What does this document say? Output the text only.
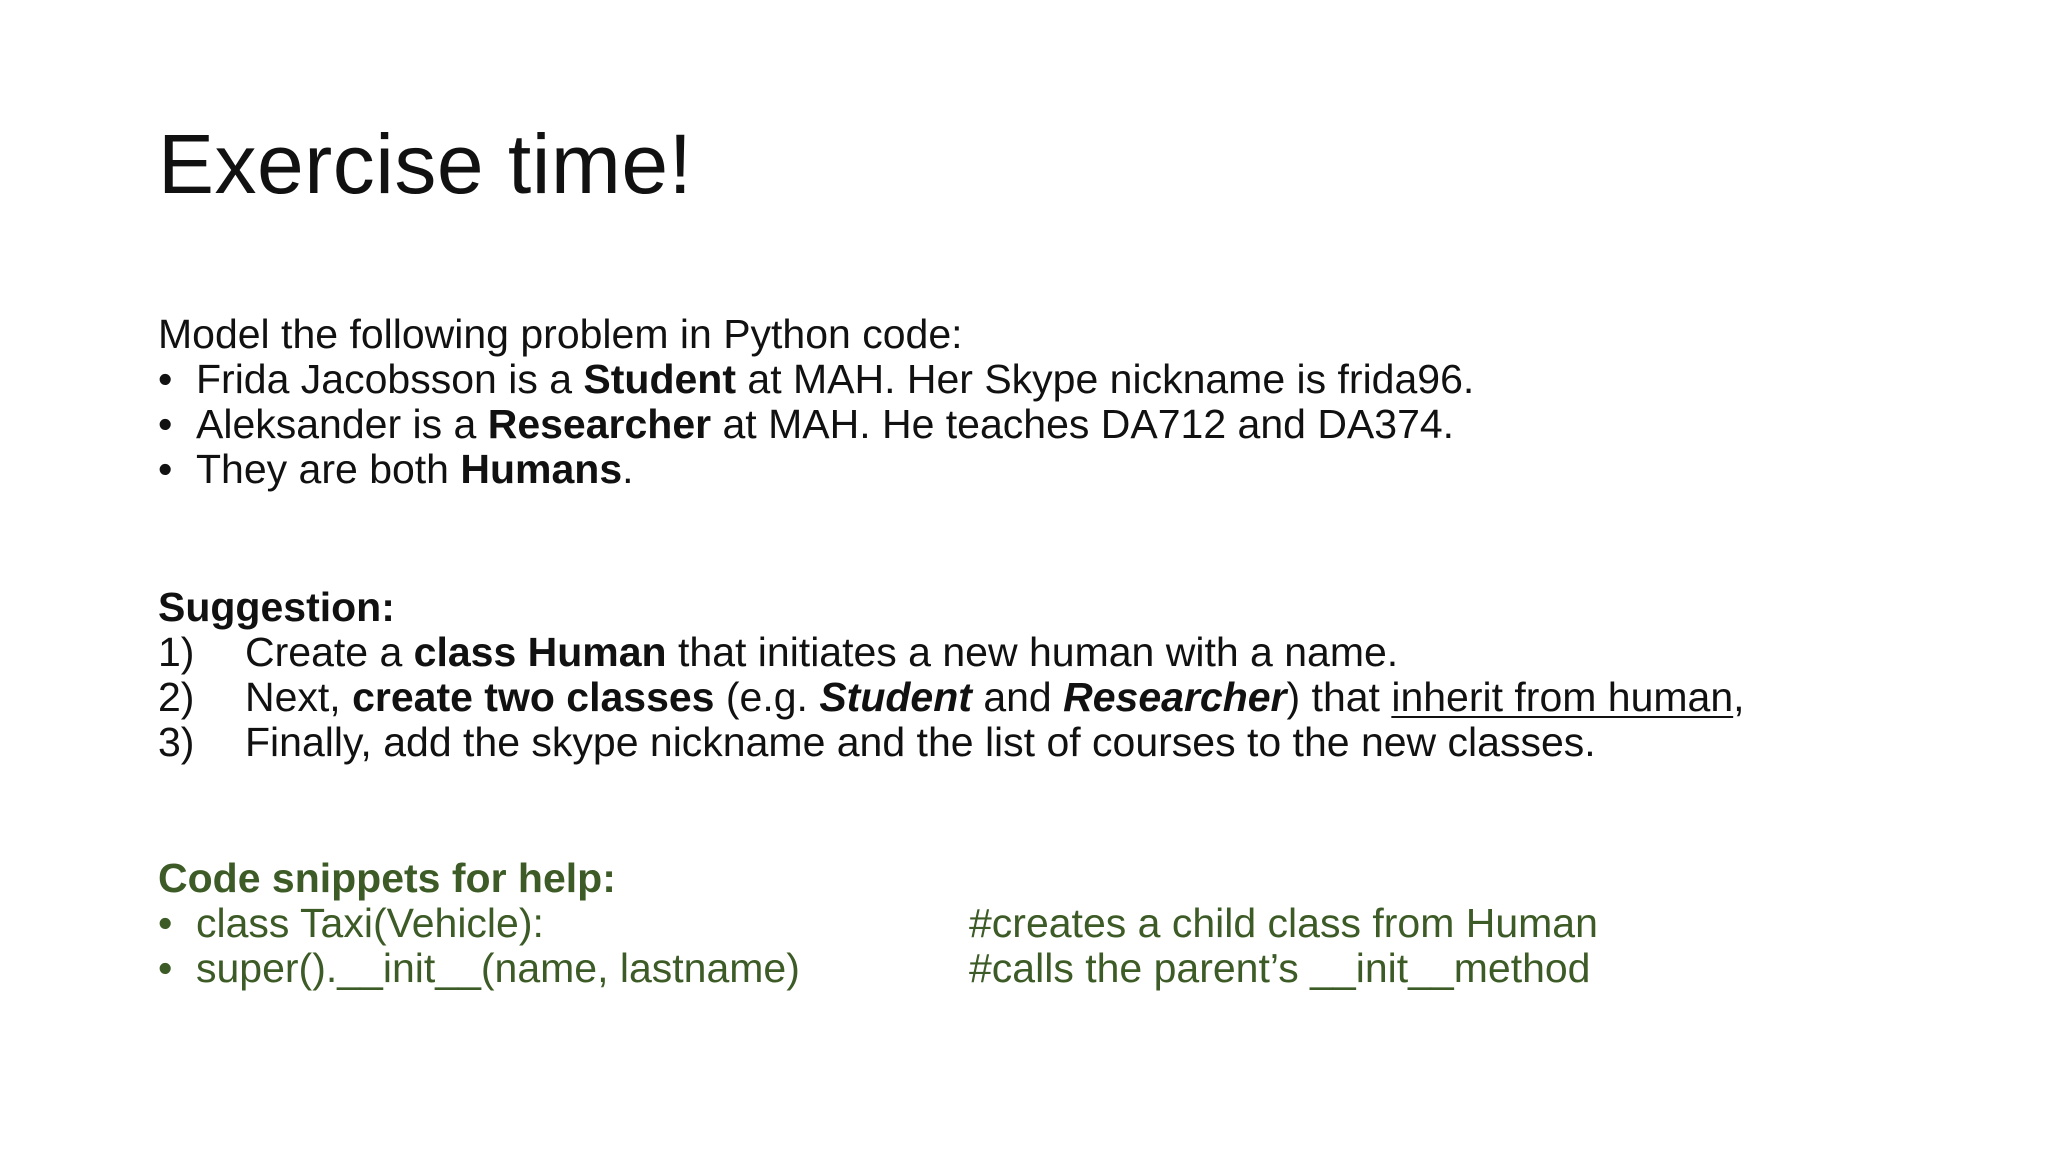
Exercise time!
Model the following problem in Python code:
• Frida Jacobsson is a Student at MAH. Her Skype nickname is frida96.
• Aleksander is a Researcher at MAH. He teaches DA712 and DA374.
• They are both Humans.
Suggestion:
1) Create a class Human that initiates a new human with a name.
2) Next, create two classes (e.g. Student and Researcher) that inherit from human,
3) Finally, add the skype nickname and the list of courses to the new classes.
Code snippets for help:
• class Taxi(Vehicle):	#creates a child class from Human
• super().__init__(name, lastname)	#calls the parent’s __init__method
